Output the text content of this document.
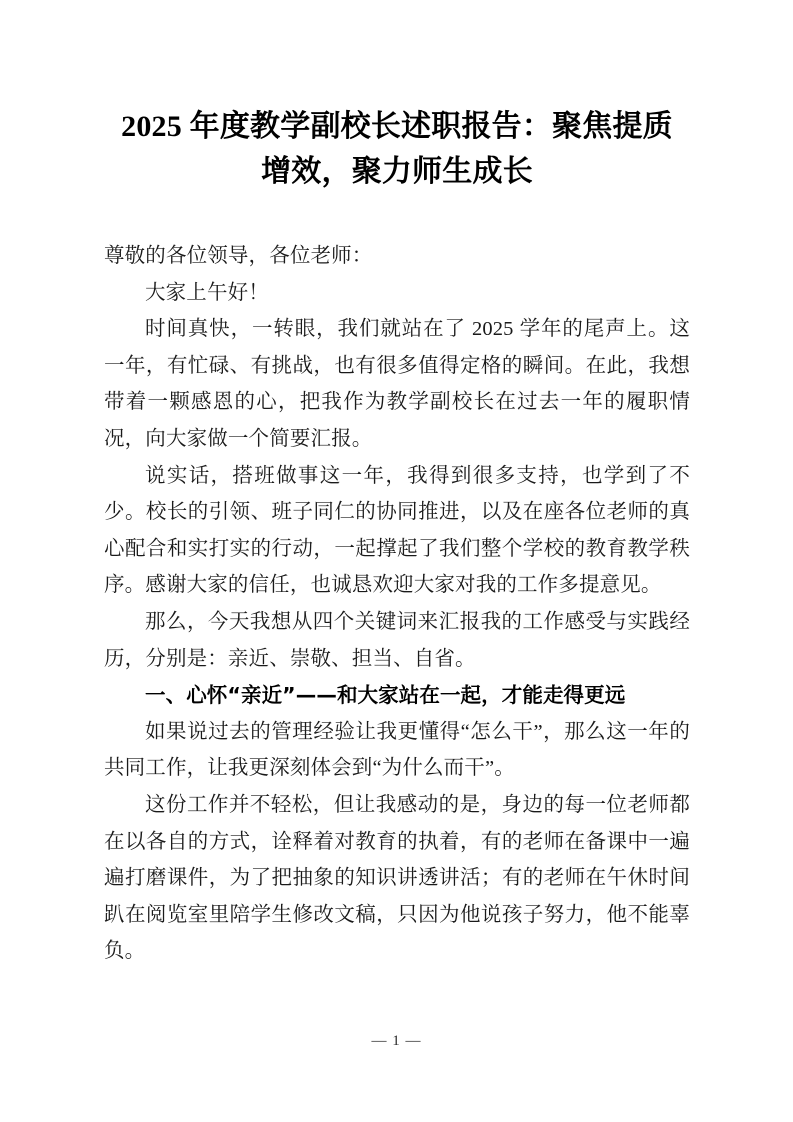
2025 年度教学副校长述职报告：聚焦提质
增效，聚力师生成长

尊敬的各位领导，各位老师：

大家上午好！

时间真快，一转眼，我们就站在了 2025 学年的尾声上。这一年，有忙碌、有挑战，也有很多值得定格的瞬间。在此，我想带着一颗感恩的心，把我作为教学副校长在过去一年的履职情况，向大家做一个简要汇报。

说实话，搭班做事这一年，我得到很多支持，也学到了不少。校长的引领、班子同仁的协同推进，以及在座各位老师的真心配合和实打实的行动，一起撑起了我们整个学校的教育教学秩序。感谢大家的信任，也诚恳欢迎大家对我的工作多提意见。

那么，今天我想从四个关键词来汇报我的工作感受与实践经历，分别是：亲近、崇敬、担当、自省。

一、心怀“亲近”——和大家站在一起，才能走得更远

如果说过去的管理经验让我更懂得“怎么干”，那么这一年的共同工作，让我更深刻体会到“为什么而干”。

这份工作并不轻松，但让我感动的是，身边的每一位老师都在以各自的方式，诠释着对教育的执着，有的老师在备课中一遍遍打磨课件，为了把抽象的知识讲透讲活；有的老师在午休时间趴在阅览室里陪学生修改文稿，只因为他说孩子努力，他不能辜负。

— 1 —
